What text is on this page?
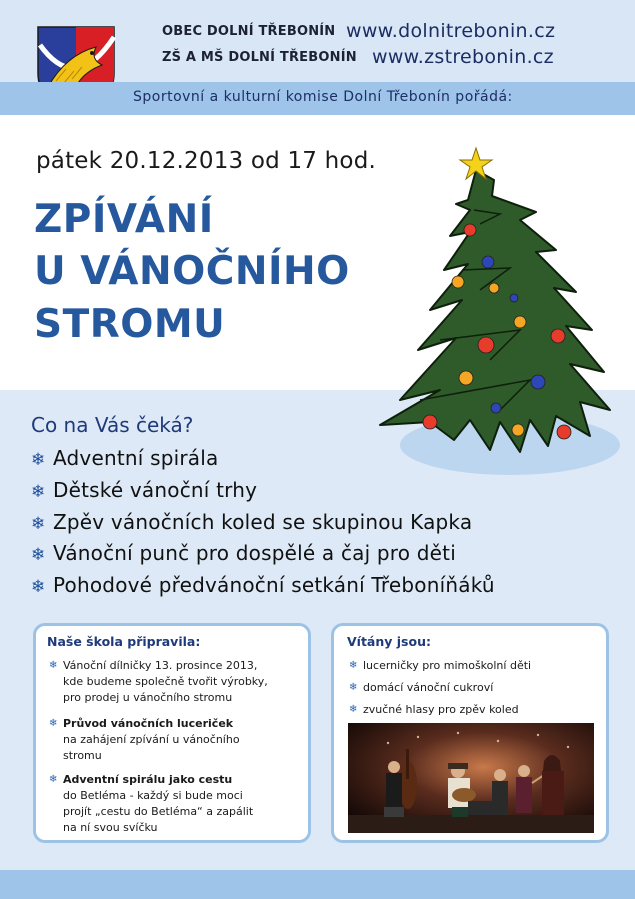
OBEC DOLNÍ TŘEBONÍN
ZŠ A MŠ DOLNÍ TŘEBONÍN
www.dolnitrebonin.cz
www.zstrebonin.cz
Sportovní a kulturní komise Dolní Třebonín pořádá:
pátek 20.12.2013 od 17 hod.
ZPÍVÁNÍ
U VÁNOČNÍHO
STROMU
Co na Vás čeká?
❄ Adventní spirála
❄ Dětské vánoční trhy
❄ Zpěv vánočních koled se skupinou Kapka
❄ Vánoční punč pro dospělé a čaj pro děti
❄ Pohodové předvánoční setkání Třeboníňáků
Naše škola připravila:
❄ Vánoční dílničky 13. prosince 2013,
kde budeme společně tvořit výrobky,
pro prodej u vánočního stromu
❄ Průvod vánočních luceriček
na zahájení zpívání u vánočního
stromu
❄ Adventní spirálu jako cestu
do Betléma - každý si bude moci
projít „cestu do Betléma“ a zapálit
na ní svou svíčku
Vítány jsou:
❄ lucerničky pro mimoškolní děti
❄ domácí vánoční cukroví
❄ zvučné hlasy pro zpěv koled
